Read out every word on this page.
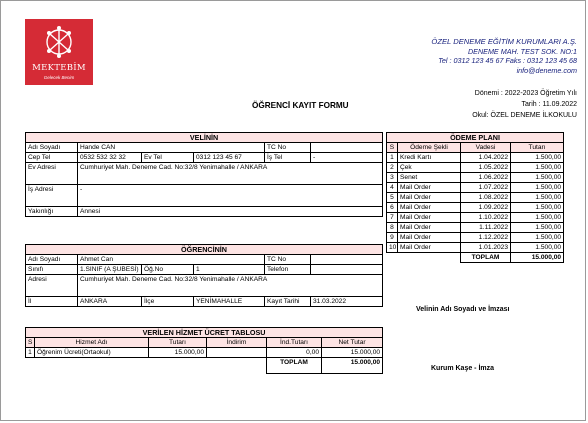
MEKTEBİM
Gelecek Benim
ÖZEL DENEME EĞİTİM KURUMLARI A.Ş.
DENEME MAH. TEST SOK. NO:1
Tel : 0312 123 45 67 Faks : 0312 123 45 68
info@deneme.com
ÖĞRENCİ KAYIT FORMU
Dönemi : 2022-2023 Öğretim Yılı
Tarih : 11.09.2022
Okul: ÖZEL DENEME İLKOKULU
VELİNİN					
Adı Soyadı	Hande CAN			TC No	
Cep Tel	0532 532 32 32	Ev Tel	0312 123 45 67	İş Tel	-
Ev Adresi	Cumhuriyet Mah. Deneme Cad. No:32/8 Yenimahalle / ANKARA				
İş Adresi	-				
Yakınlığı	Annesi				
ÖĞRENCİNİN					
Adı Soyadı	Ahmet Can			TC No	
Sınıfı	1.SINIF (A ŞUBESİ)	Öğ.No	1	Telefon	
Adresi	Cumhuriyet Mah. Deneme Cad. No:32/8 Yenimahalle / ANKARA				
İl	ANKARA	İlçe	YENİMAHALLE	Kayıt Tarihi	31.03.2022
VERİLEN HİZMET ÜCRET TABLOSU					
S	Hizmet Adı	Tutarı	İndirim	İnd.Tutarı	Net Tutar
1	Öğrenim Ücreti(Ortaokul)	15.000,00		0,00	15.000,00
				TOPLAM	15.000,00
ÖDEME PLANI			
S	Ödeme Şekli	Vadesi	Tutarı
1	Kredi Kartı	1.04.2022	1.500,00
2	Çek	1.05.2022	1.500,00
3	Senet	1.06.2022	1.500,00
4	Mail Order	1.07.2022	1.500,00
5	Mail Order	1.08.2022	1.500,00
6	Mail Order	1.09.2022	1.500,00
7	Mail Order	1.10.2022	1.500,00
8	Mail Order	1.11.2022	1.500,00
9	Mail Order	1.12.2022	1.500,00
10	Mail Order	1.01.2023	1.500,00
		TOPLAM	15.000,00
Velinin Adı Soyadı ve İmzası
Kurum Kaşe - İmza
